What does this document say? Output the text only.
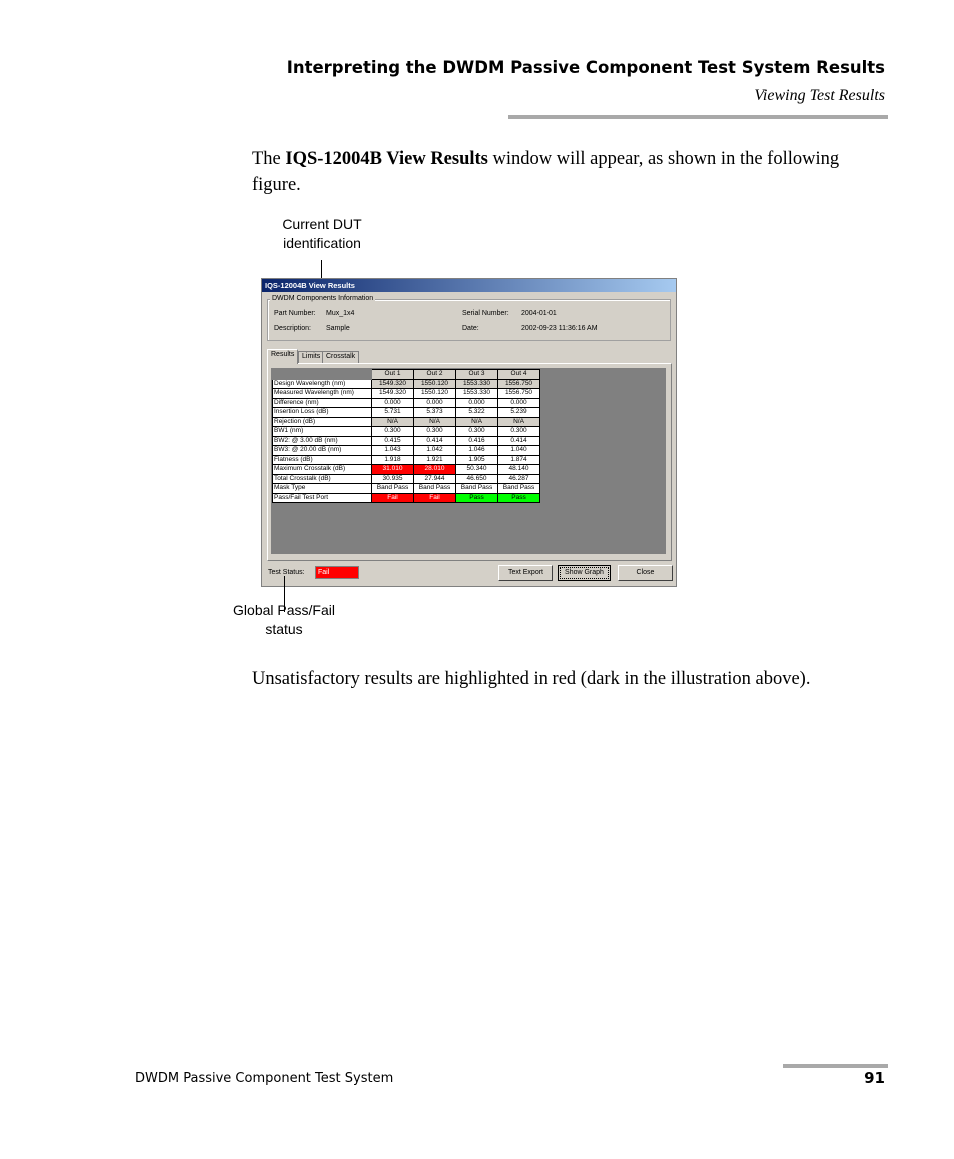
Interpreting the DWDM Passive Component Test System Results
Viewing Test Results

The IQS-12004B View Results window will appear, as shown in the following figure.

Current DUT identification
IQS-12004B View Results
DWDM Components Information
Part Number: Mux_1x4	Serial Number: 2004-01-01
Description: Sample	Date:	2002-09-23 11:36:16 AM
Results	Limits Crosstalk
	Out 1	Out 2	Out 3	Out 4
Design Wavelength (nm)	1549.320	1550.120	1553.330	1556.750
Measured Wavelength (nm)	1549.320	1550.120	1553.330	1556.750
Difference (nm)	0.000	0.000	0.000	0.000
Insertion Loss (dB)	5.731	5.373	5.322	5.239
Rejection (dB)	N/A	N/A	N/A	N/A
BW1 (nm)	0.300	0.300	0.300	0.300
BW2: @ 3.00 dB (nm)	0.415	0.414	0.416	0.414
BW3: @ 20.00 dB (nm)	1.043	1.042	1.046	1.040
Flatness (dB)	1.918	1.921	1.905	1.874
Maximum Crosstalk (dB)	31.010	28.010	50.340	48.140
Total Crosstalk (dB)	30.935	27.944	46.650	46.287
Mask Type	Band Pass	Band Pass	Band Pass	Band Pass
Pass/Fail Test Port	Fail	Fail	Pass	Pass
Test Status:	Fail	Text Export	Show Graph	Close
Global Pass/Fail status

Unsatisfactory results are highlighted in red (dark in the illustration above).

DWDM Passive Component Test System	91
